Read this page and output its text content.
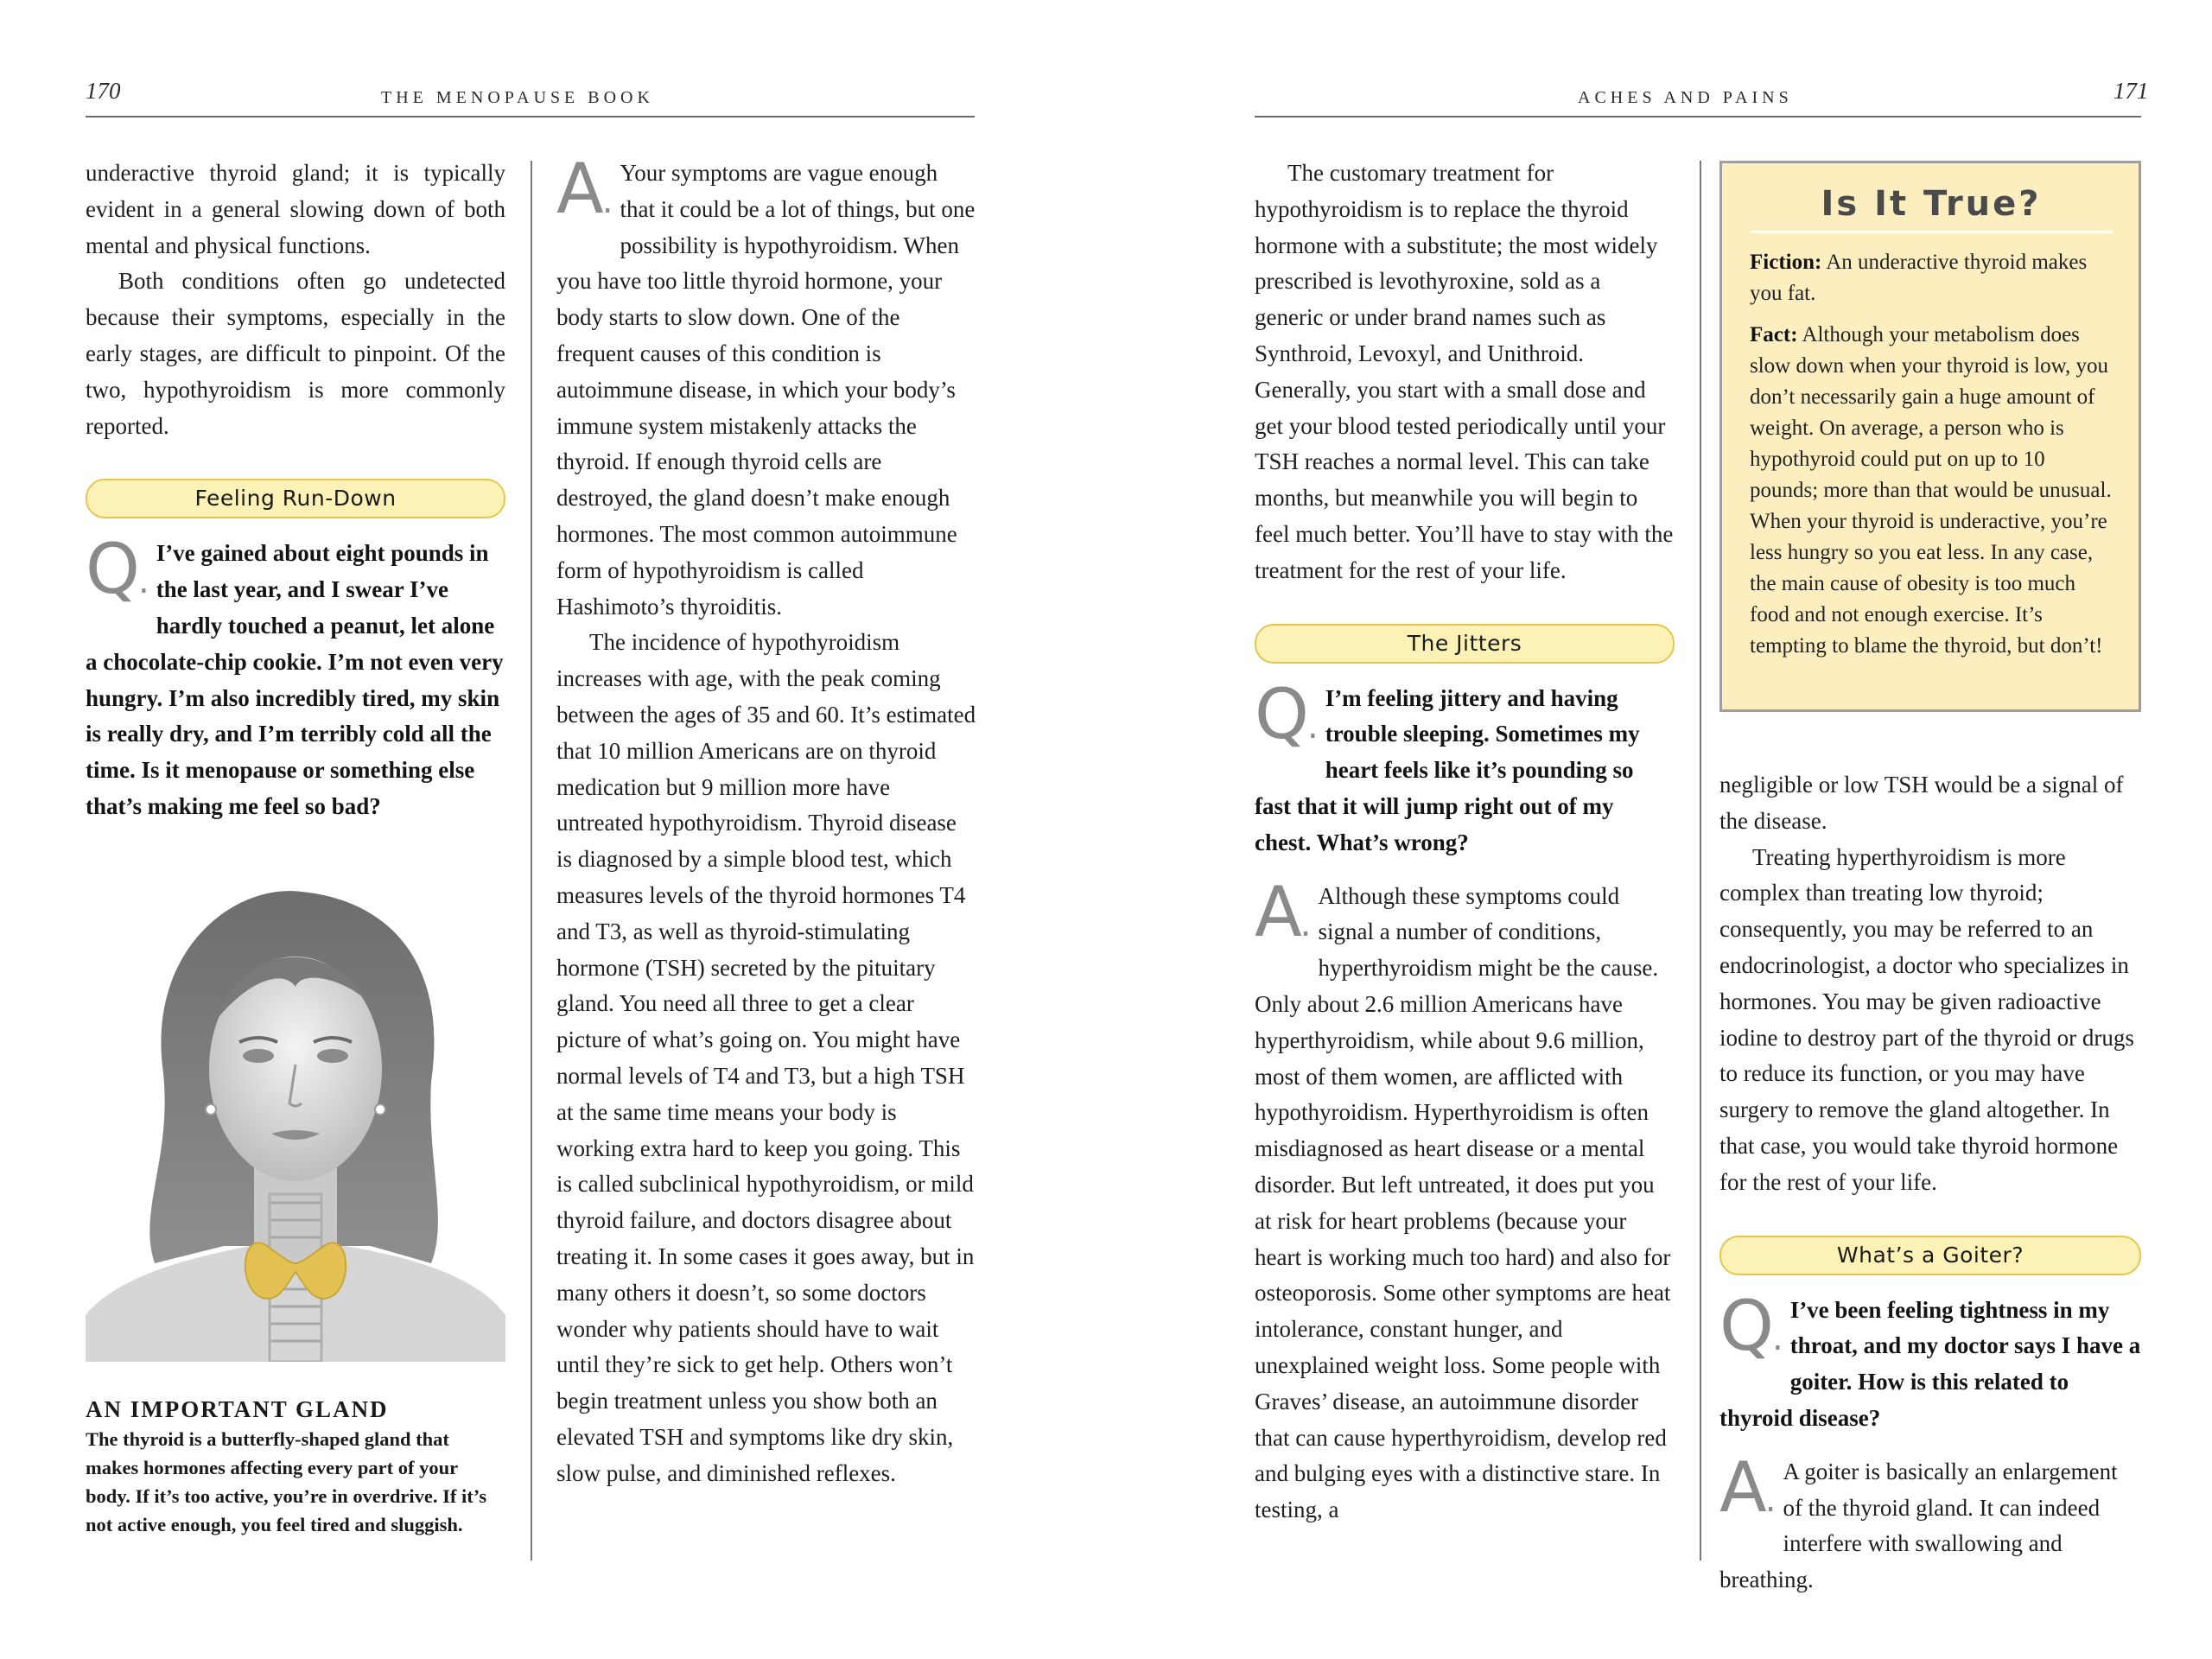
170	THE MENOPAUSE BOOK

underactive thyroid gland; it is typically evident in a general slowing down of both mental and physical functions.

Both conditions often go undetected because their symptoms, especially in the early stages, are difficult to pinpoint. Of the two, hypothyroidism is more commonly reported.

Feeling Run-Down
Q.

I’ve gained about eight pounds in the last year, and I swear I’ve hardly touched a peanut, let alone a chocolate-chip cookie. I’m not even very hungry. I’m also incredibly tired, my skin is really dry, and I’m terribly cold all the time. Is it menopause or something else that’s making me feel so bad?

AN IMPORTANT GLAND

The thyroid is a butterfly-shaped gland that makes hormones affecting every part of your body. If it’s too active, you’re in overdrive. If it’s not active enough, you feel tired and sluggish.

A.

Your symptoms are vague enough that it could be a lot of things, but one possibility is hypothyroidism. When you have too little thyroid hormone, your body starts to slow down. One of the frequent causes of this condition is autoimmune disease, in which your body’s immune system mistakenly attacks the thyroid. If enough thyroid cells are destroyed, the gland doesn’t make enough hormones. The most common autoimmune form of hypothyroidism is called Hashimoto’s thyroiditis.

The incidence of hypothyroidism increases with age, with the peak coming between the ages of 35 and 60. It’s estimated that 10 million Americans are on thyroid medication but 9 million more have untreated hypothyroidism. Thyroid disease is diagnosed by a simple blood test, which measures levels of the thyroid hormones T4 and T3, as well as thyroid-stimulating hormone (TSH) secreted by the pituitary gland. You need all three to get a clear picture of what’s going on. You might have normal levels of T4 and T3, but a high TSH at the same time means your body is working extra hard to keep you going. This is called subclinical hypothyroidism, or mild thyroid failure, and doctors disagree about treating it. In some cases it goes away, but in many others it doesn’t, so some doctors wonder why patients should have to wait until they’re sick to get help. Others won’t begin treatment unless you show both an elevated TSH and symptoms like dry skin, slow pulse, and diminished reflexes.

ACHES AND PAINS	171

The customary treatment for hypothyroidism is to replace the thyroid hormone with a substitute; the most widely prescribed is levothyroxine, sold as a generic or under brand names such as Synthroid, Levoxyl, and Unithroid. Generally, you start with a small dose and get your blood tested periodically until your TSH reaches a normal level. This can take months, but meanwhile you will begin to feel much better. You’ll have to stay with the treatment for the rest of your life.

The Jitters
Q.

I’m feeling jittery and having trouble sleeping. Sometimes my heart feels like it’s pounding so fast that it will jump right out of my chest. What’s wrong?

A.

Although these symptoms could signal a number of conditions, hyperthyroidism might be the cause. Only about 2.6 million Americans have hyperthyroidism, while about 9.6 million, most of them women, are afflicted with hypothyroidism. Hyperthyroidism is often misdiagnosed as heart disease or a mental disorder. But left untreated, it does put you at risk for heart problems (because your heart is working much too hard) and also for osteoporosis. Some other symptoms are heat intolerance, constant hunger, and unexplained weight loss. Some people with Graves’ disease, an autoimmune disorder that can cause hyperthyroidism, develop red and bulging eyes with a distinctive stare. In testing, a

Is It True?

Fiction: An underactive thyroid makes you fat.

Fact: Although your metabolism does slow down when your thyroid is low, you don’t necessarily gain a huge amount of weight. On average, a person who is hypothyroid could put on up to 10 pounds; more than that would be unusual. When your thyroid is underactive, you’re less hungry so you eat less. In any case, the main cause of obesity is too much food and not enough exercise. It’s tempting to blame the thyroid, but don’t!

negligible or low TSH would be a signal of the disease.

Treating hyperthyroidism is more complex than treating low thyroid; consequently, you may be referred to an endocrinologist, a doctor who specializes in hormones. You may be given radioactive iodine to destroy part of the thyroid or drugs to reduce its function, or you may have surgery to remove the gland altogether. In that case, you would take thyroid hormone for the rest of your life.

What’s a Goiter?
Q.

I’ve been feeling tightness in my throat, and my doctor says I have a goiter. How is this related to thyroid disease?

A.

A goiter is basically an enlargement of the thyroid gland. It can indeed interfere with swallowing and breathing.
